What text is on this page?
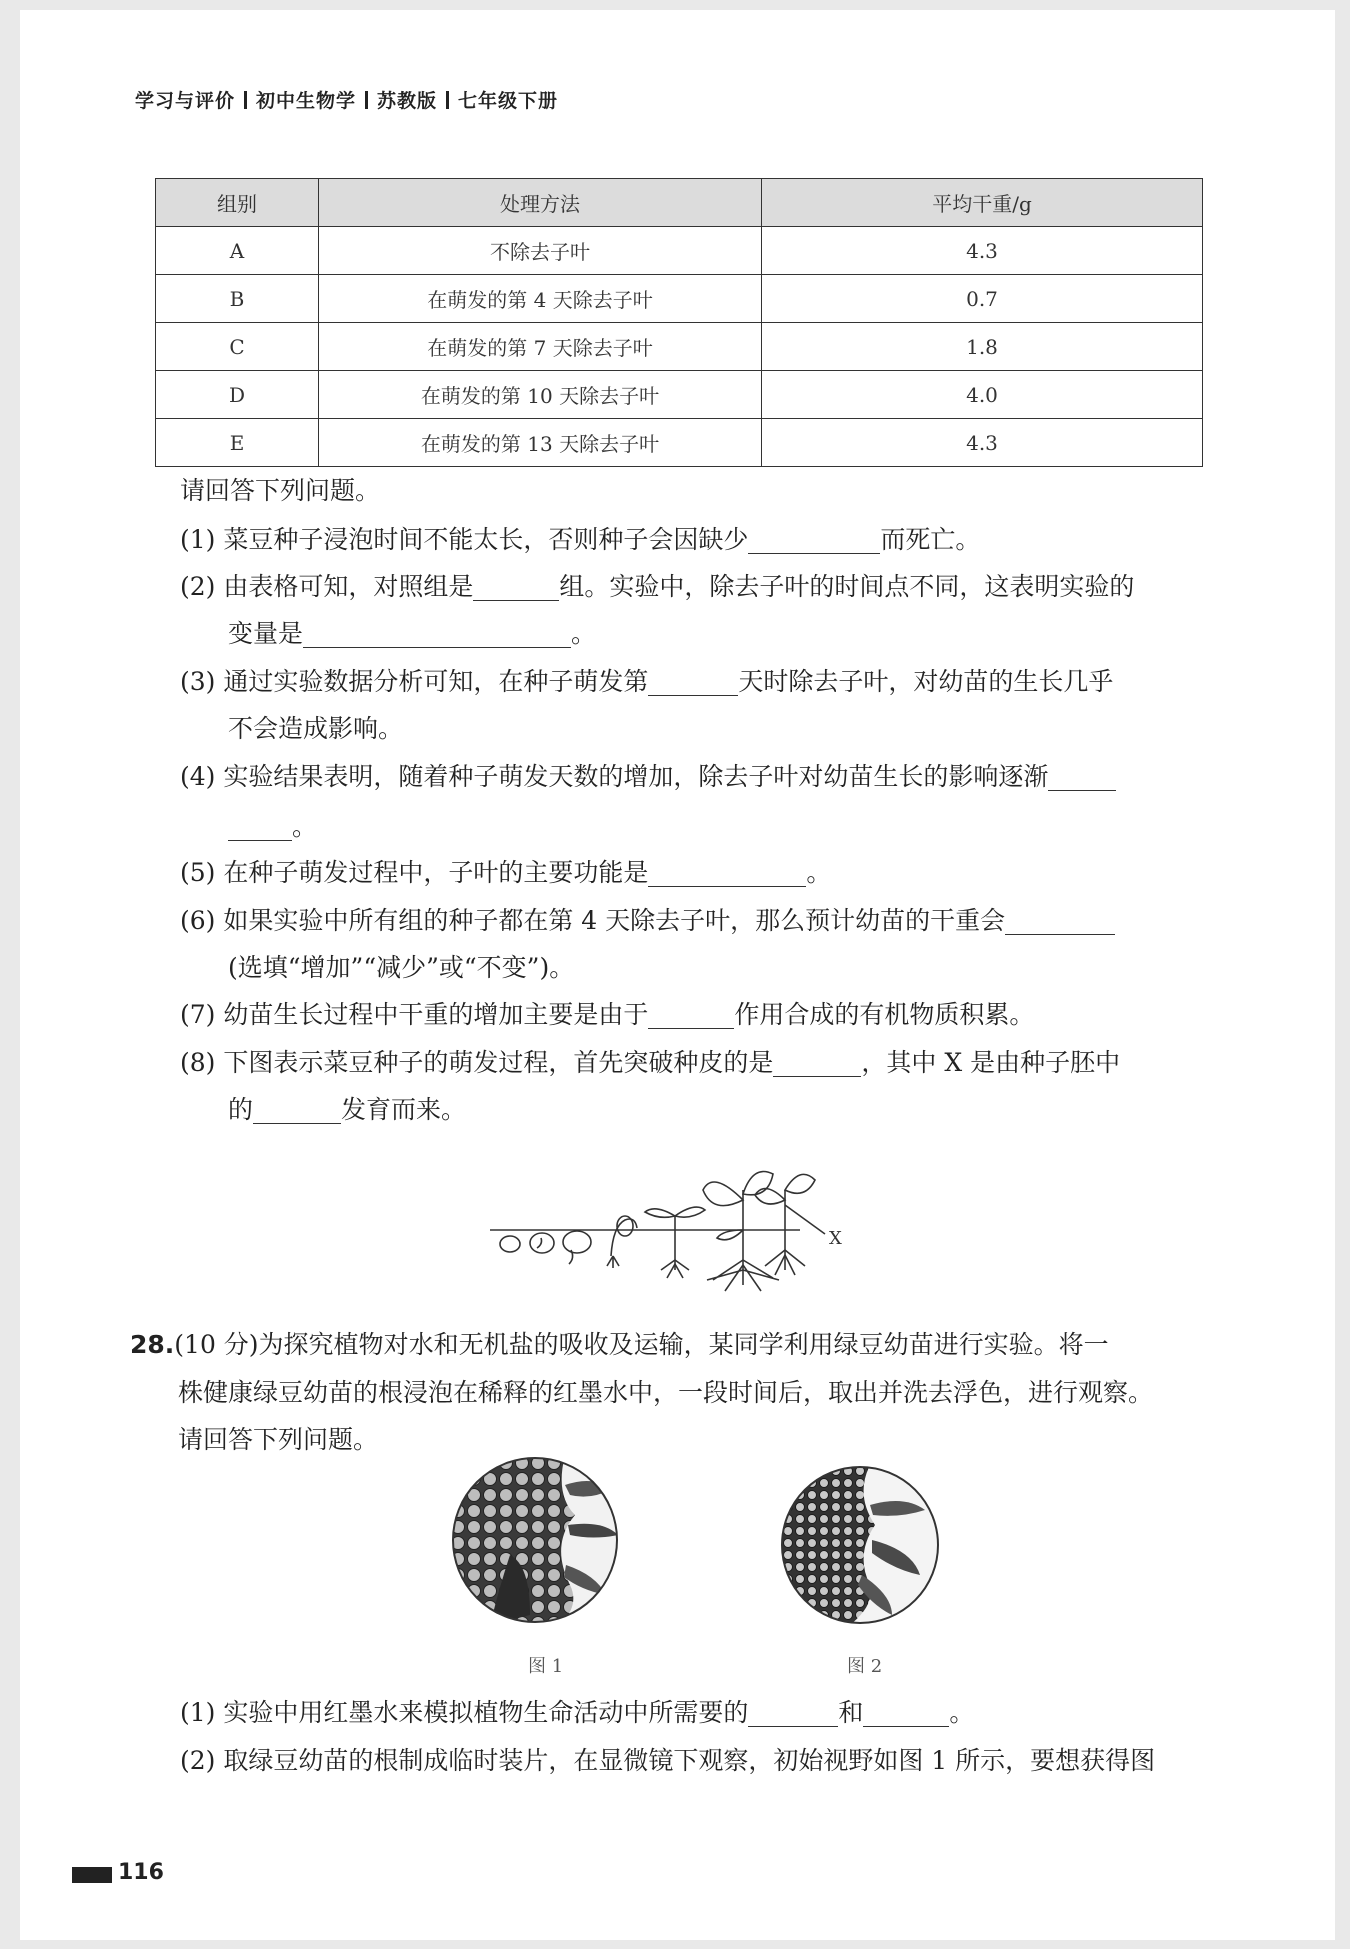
学习与评价 初中生物学 苏教版 七年级下册
组别	处理方法	平均干重/g
A	不除去子叶	4.3
B	在萌发的第 4 天除去子叶	0.7
C	在萌发的第 7 天除去子叶	1.8
D	在萌发的第 10 天除去子叶	4.0
E	在萌发的第 13 天除去子叶	4.3
请回答下列问题。
(1) 菜豆种子浸泡时间不能太长，否则种子会因缺少	而死亡。
(2) 由表格可知，对照组是	组。实验中，除去子叶的时间点不同，这表明实验的
变量是	。
(3) 通过实验数据分析可知，在种子萌发第	天时除去子叶，对幼苗的生长几乎
不会造成影响。
(4) 实验结果表明，随着种子萌发天数的增加，除去子叶对幼苗生长的影响逐渐
。
(5) 在种子萌发过程中，子叶的主要功能是	。
(6) 如果实验中所有组的种子都在第 4 天除去子叶，那么预计幼苗的干重会
(选填“增加”“减少”或“不变”)。
(7) 幼苗生长过程中干重的增加主要是由于	作用合成的有机物质积累。
(8) 下图表示菜豆种子的萌发过程，首先突破种皮的是	，其中 X 是由种子胚中
的	发育而来。
X
28.(10 分)为探究植物对水和无机盐的吸收及运输，某同学利用绿豆幼苗进行实验。将一
株健康绿豆幼苗的根浸泡在稀释的红墨水中，一段时间后，取出并洗去浮色，进行观察。
请回答下列问题。
图 1	图 2
(1) 实验中用红墨水来模拟植物生命活动中所需要的	和	。
(2) 取绿豆幼苗的根制成临时装片，在显微镜下观察，初始视野如图 1 所示，要想获得图
116
